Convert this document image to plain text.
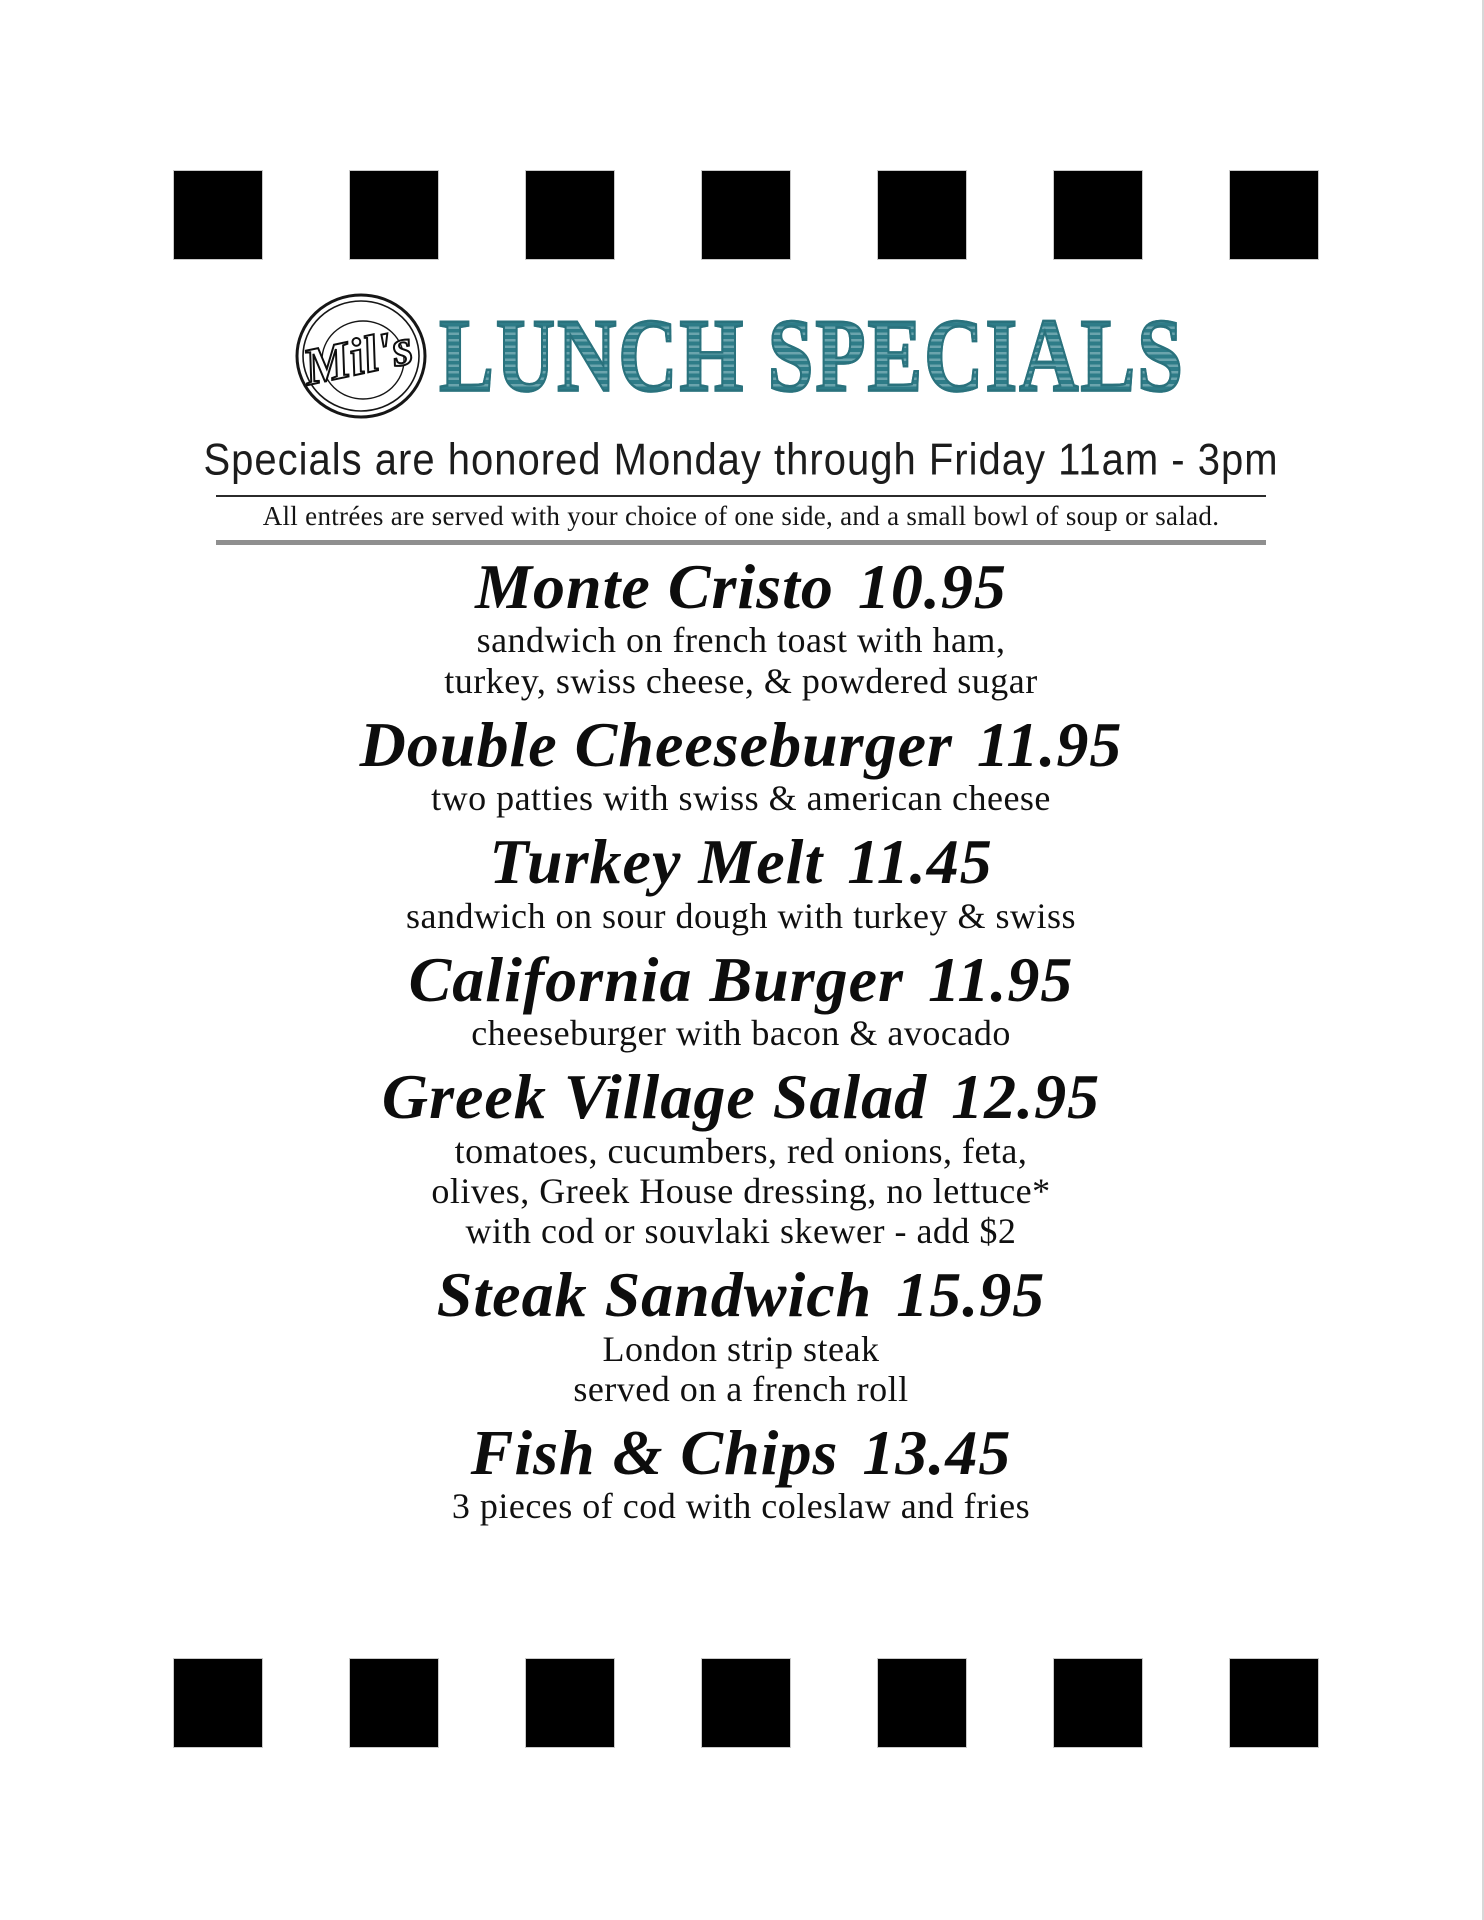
Mil's LUNCH SPECIALS
Specials are honored Monday through Friday 11am - 3pm
All entrées are served with your choice of one side, and a small bowl of soup or salad.
Monte Cristo 10.95
sandwich on french toast with ham,
turkey, swiss cheese, & powdered sugar
Double Cheeseburger 11.95
two patties with swiss & american cheese
Turkey Melt 11.45
sandwich on sour dough with turkey & swiss
California Burger 11.95
cheeseburger with bacon & avocado
Greek Village Salad 12.95
tomatoes, cucumbers, red onions, feta,
olives, Greek House dressing, no lettuce*
with cod or souvlaki skewer - add $2
Steak Sandwich 15.95
London strip steak
served on a french roll
Fish & Chips 13.45
3 pieces of cod with coleslaw and fries
